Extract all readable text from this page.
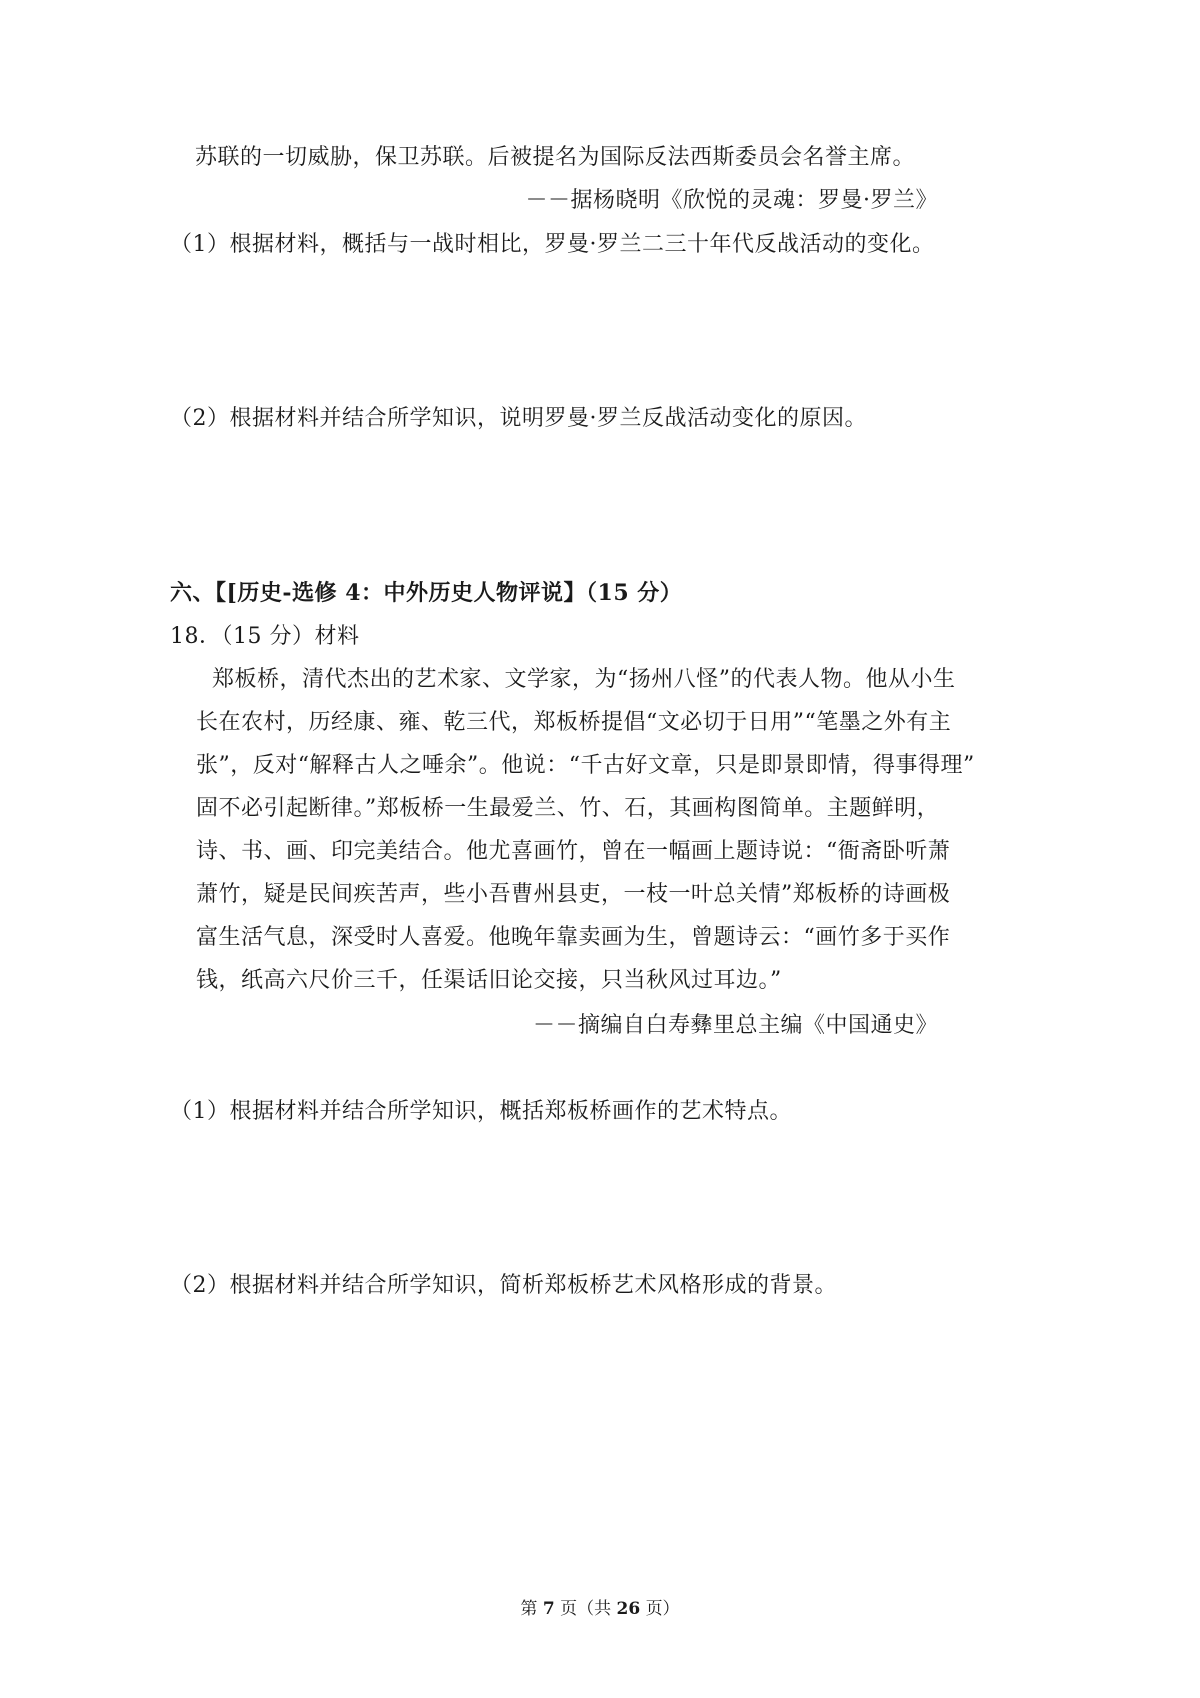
苏联的一切威胁，保卫苏联。后被提名为国际反法西斯委员会名誉主席。
－－据杨晓明《欣悦的灵魂：罗曼·罗兰》
（1）根据材料，概括与一战时相比，罗曼·罗兰二三十年代反战活动的变化。
（2）根据材料并结合所学知识，说明罗曼·罗兰反战活动变化的原因。
六、【[历史-选修 4：中外历史人物评说】（15 分）
18．（15 分）材料
郑板桥，清代杰出的艺术家、文学家，为“扬州八怪”的代表人物。他从小生
长在农村，历经康、雍、乾三代，郑板桥提倡“文必切于日用”“笔墨之外有主
张”，反对“解释古人之唾余”。他说：“千古好文章，只是即景即情，得事得理”
固不必引起断律。”郑板桥一生最爱兰、竹、石，其画构图简单。主题鲜明，
诗、书、画、印完美结合。他尤喜画竹，曾在一幅画上题诗说：“衙斋卧听萧
萧竹，疑是民间疾苦声，些小吾曹州县吏，一枝一叶总关情”郑板桥的诗画极
富生活气息，深受时人喜爱。他晚年靠卖画为生，曾题诗云：“画竹多于买作
钱，纸高六尺价三千，任渠话旧论交接，只当秋风过耳边。”
－－摘编自白寿彝里总主编《中国通史》
（1）根据材料并结合所学知识，概括郑板桥画作的艺术特点。
（2）根据材料并结合所学知识，简析郑板桥艺术风格形成的背景。
第 7 页（共 26 页）
